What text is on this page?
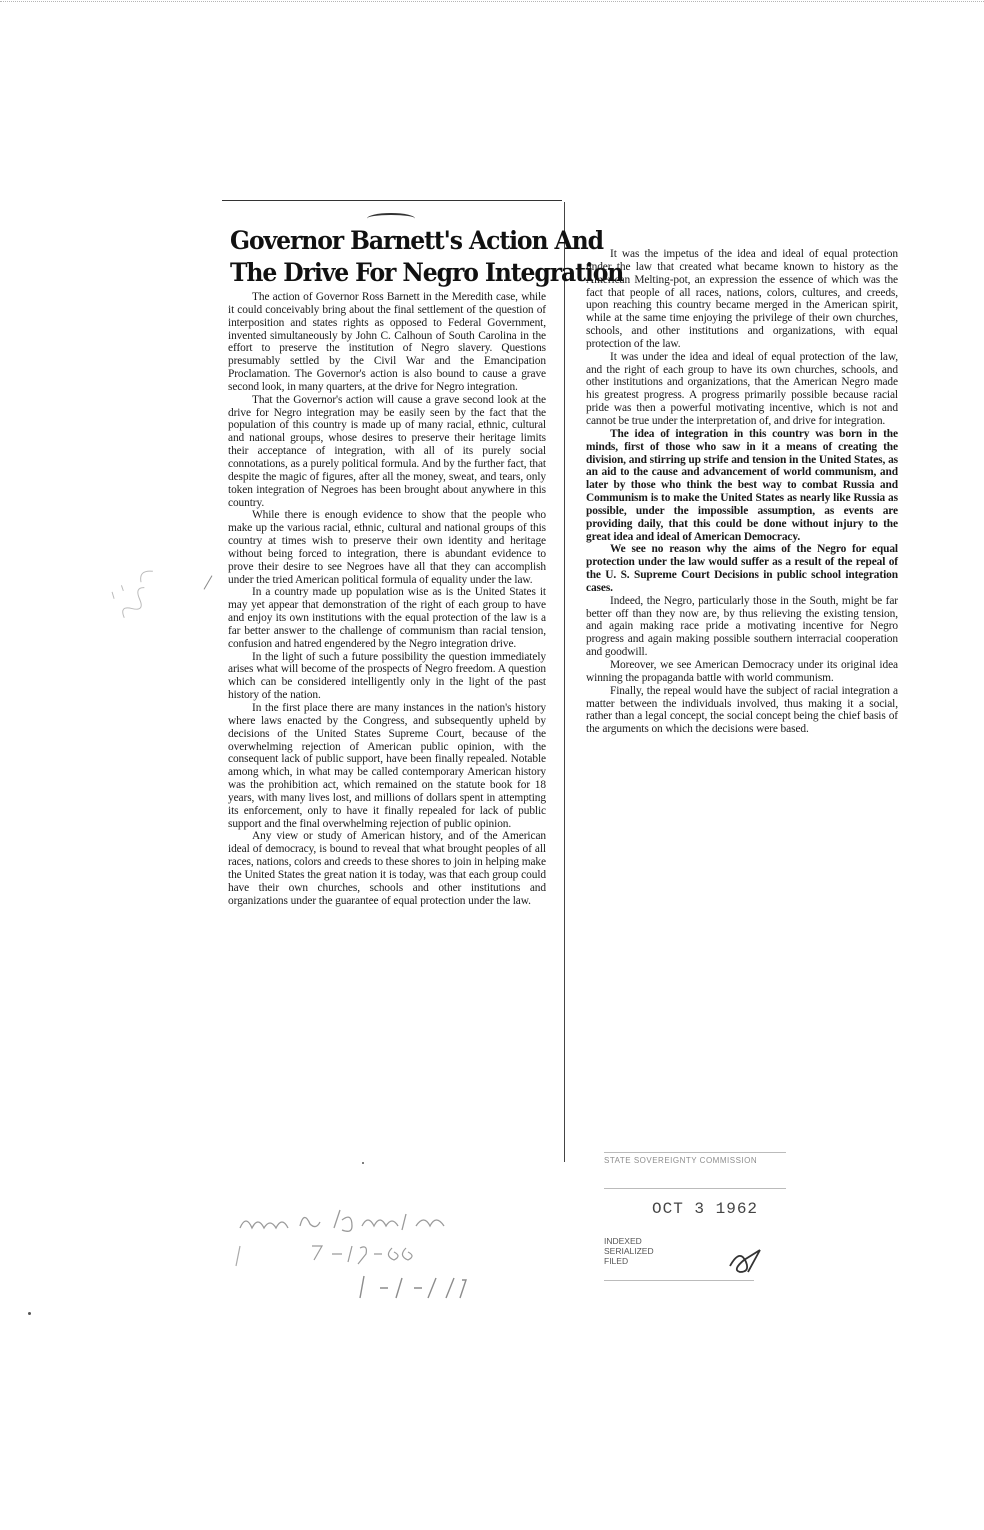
Governor Barnett's Action And
The Drive For Negro Integration

The action of Governor Ross Barnett in the Meredith case, while it could conceivably bring about the final settlement of the question of interposition and states rights as opposed to Federal Government, invented simultaneously by John C. Calhoun of South Carolina in the effort to preserve the institution of Negro slavery. Questions presumably settled by the Civil War and the Emancipation Proclamation. The Governor's action is also bound to cause a grave second look, in many quarters, at the drive for Negro integration.

That the Governor's action will cause a grave second look at the drive for Negro integration may be easily seen by the fact that the population of this country is made up of many racial, ethnic, cultural and national groups, whose desires to preserve their heritage limits their acceptance of integration, with all of its purely social connotations, as a purely political formula. And by the further fact, that despite the magic of figures, after all the money, sweat, and tears, only token integration of Negroes has been brought about anywhere in this country.

While there is enough evidence to show that the people who make up the various racial, ethnic, cultural and national groups of this country at times wish to preserve their own identity and heritage without being forced to integration, there is abundant evidence to prove their desire to see Negroes have all that they can accomplish under the tried American political formula of equality under the law.

In a country made up population wise as is the United States it may yet appear that demonstration of the right of each group to have and enjoy its own institutions with the equal protection of the law is a far better answer to the challenge of communism than racial tension, confusion and hatred engendered by the Negro integration drive.

In the light of such a future possibility the question immediately arises what will become of the prospects of Negro freedom. A question which can be considered intelligently only in the light of the past history of the nation.

In the first place there are many instances in the nation's history where laws enacted by the Congress, and subsequently upheld by decisions of the United States Supreme Court, because of the overwhelming rejection of American public opinion, with the consequent lack of public support, have been finally repealed. Notable among which, in what may be called contemporary American history was the prohibition act, which remained on the statute book for 18 years, with many lives lost, and millions of dollars spent in attempting its enforcement, only to have it finally repealed for lack of public support and the final overwhelming rejection of public opinion.

Any view or study of American history, and of the American ideal of democracy, is bound to reveal that what brought peoples of all races, nations, colors and creeds to these shores to join in helping make the United States the great nation it is today, was that each group could have their own churches, schools and other institutions and organizations under the guarantee of equal protection under the law.

It was the impetus of the idea and ideal of equal protection under the law that created what became known to history as the American Melting-pot, an expression the essence of which was the fact that people of all races, nations, colors, cultures, and creeds, upon reaching this country became merged in the American spirit, while at the same time enjoying the privilege of their own churches, schools, and other institutions and organizations, with equal protection of the law.

It was under the idea and ideal of equal protection of the law, and the right of each group to have its own churches, schools, and other institutions and organizations, that the American Negro made his greatest progress. A progress primarily possible because racial pride was then a powerful motivating incentive, which is not and cannot be true under the interpretation of, and drive for integration.

The idea of integration in this country was born in the minds, first of those who saw in it a means of creating the division, and stirring up strife and tension in the United States, as an aid to the cause and advancement of world communism, and later by those who think the best way to combat Russia and Communism is to make the United States as nearly like Russia as possible, under the impossible assumption, as events are providing daily, that this could be done without injury to the great idea and ideal of American Democracy.

We see no reason why the aims of the Negro for equal protection under the law would suffer as a result of the repeal of the U. S. Supreme Court Decisions in public school integration cases.

Indeed, the Negro, particularly those in the South, might be far better off than they now are, by thus relieving the existing tension, and again making race pride a motivating incentive for Negro progress and again making possible southern interracial cooperation and goodwill.

Moreover, we see American Democracy under its original idea winning the propaganda battle with world communism.

Finally, the repeal would have the subject of racial integration a matter between the individuals involved, thus making it a social, rather than a legal concept, the social concept being the chief basis of the arguments on which the decisions were based.

STATE SOVEREIGNTY COMMISSION
OCT 3 1962
INDEXED
SERIALIZED
FILED
